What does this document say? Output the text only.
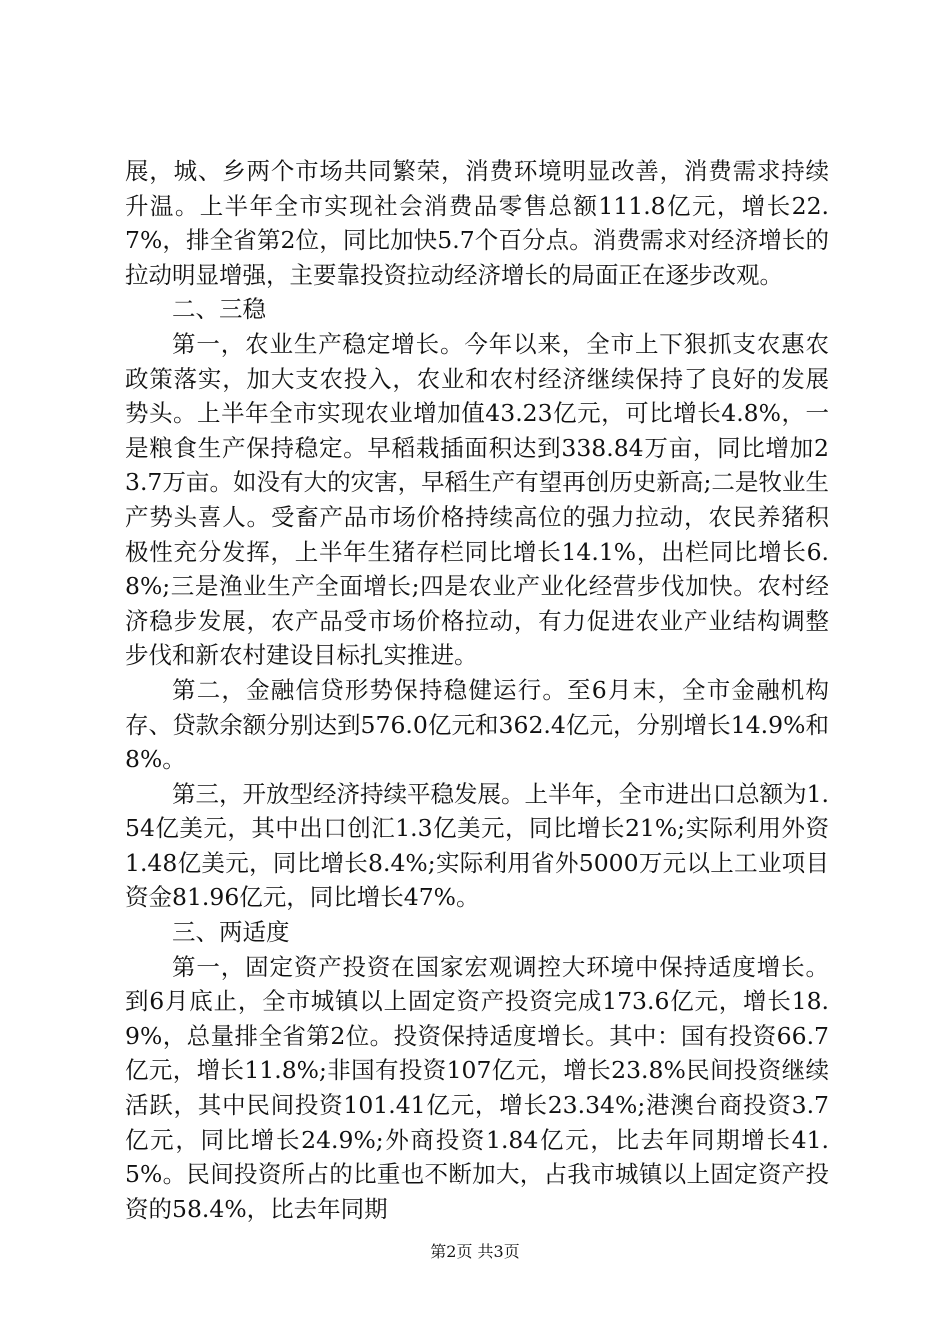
展，城、乡两个市场共同繁荣，消费环境明显改善，消费需求持续升温。上半年全市实现社会消费品零售总额111.8亿元，增长22.7%，排全省第2位，同比加快5.7个百分点。消费需求对经济增长的拉动明显增强，主要靠投资拉动经济增长的局面正在逐步改观。

二、三稳

第一，农业生产稳定增长。今年以来，全市上下狠抓支农惠农政策落实，加大支农投入，农业和农村经济继续保持了良好的发展势头。上半年全市实现农业增加值43.23亿元，可比增长4.8%，一是粮食生产保持稳定。早稻栽插面积达到338.84万亩，同比增加23.7万亩。如没有大的灾害，早稻生产有望再创历史新高;二是牧业生产势头喜人。受畜产品市场价格持续高位的强力拉动，农民养猪积极性充分发挥，上半年生猪存栏同比增长14.1%，出栏同比增长6.8%;三是渔业生产全面增长;四是农业产业化经营步伐加快。农村经济稳步发展，农产品受市场价格拉动，有力促进农业产业结构调整步伐和新农村建设目标扎实推进。

第二，金融信贷形势保持稳健运行。至6月末，全市金融机构存、贷款余额分别达到576.0亿元和362.4亿元，分别增长14.9%和8%。

第三，开放型经济持续平稳发展。上半年，全市进出口总额为1.54亿美元，其中出口创汇1.3亿美元，同比增长21%;实际利用外资1.48亿美元，同比增长8.4%;实际利用省外5000万元以上工业项目资金81.96亿元，同比增长47%。

三、两适度

第一，固定资产投资在国家宏观调控大环境中保持适度增长。到6月底止，全市城镇以上固定资产投资完成173.6亿元，增长18.9%，总量排全省第2位。投资保持适度增长。其中：国有投资66.7亿元，增长11.8%;非国有投资107亿元，增长23.8%民间投资继续活跃，其中民间投资101.41亿元，增长23.34%;港澳台商投资3.7亿元，同比增长24.9%;外商投资1.84亿元，比去年同期增长41.5%。民间投资所占的比重也不断加大，占我市城镇以上固定资产投资的58.4%，比去年同期

第2页 共3页
